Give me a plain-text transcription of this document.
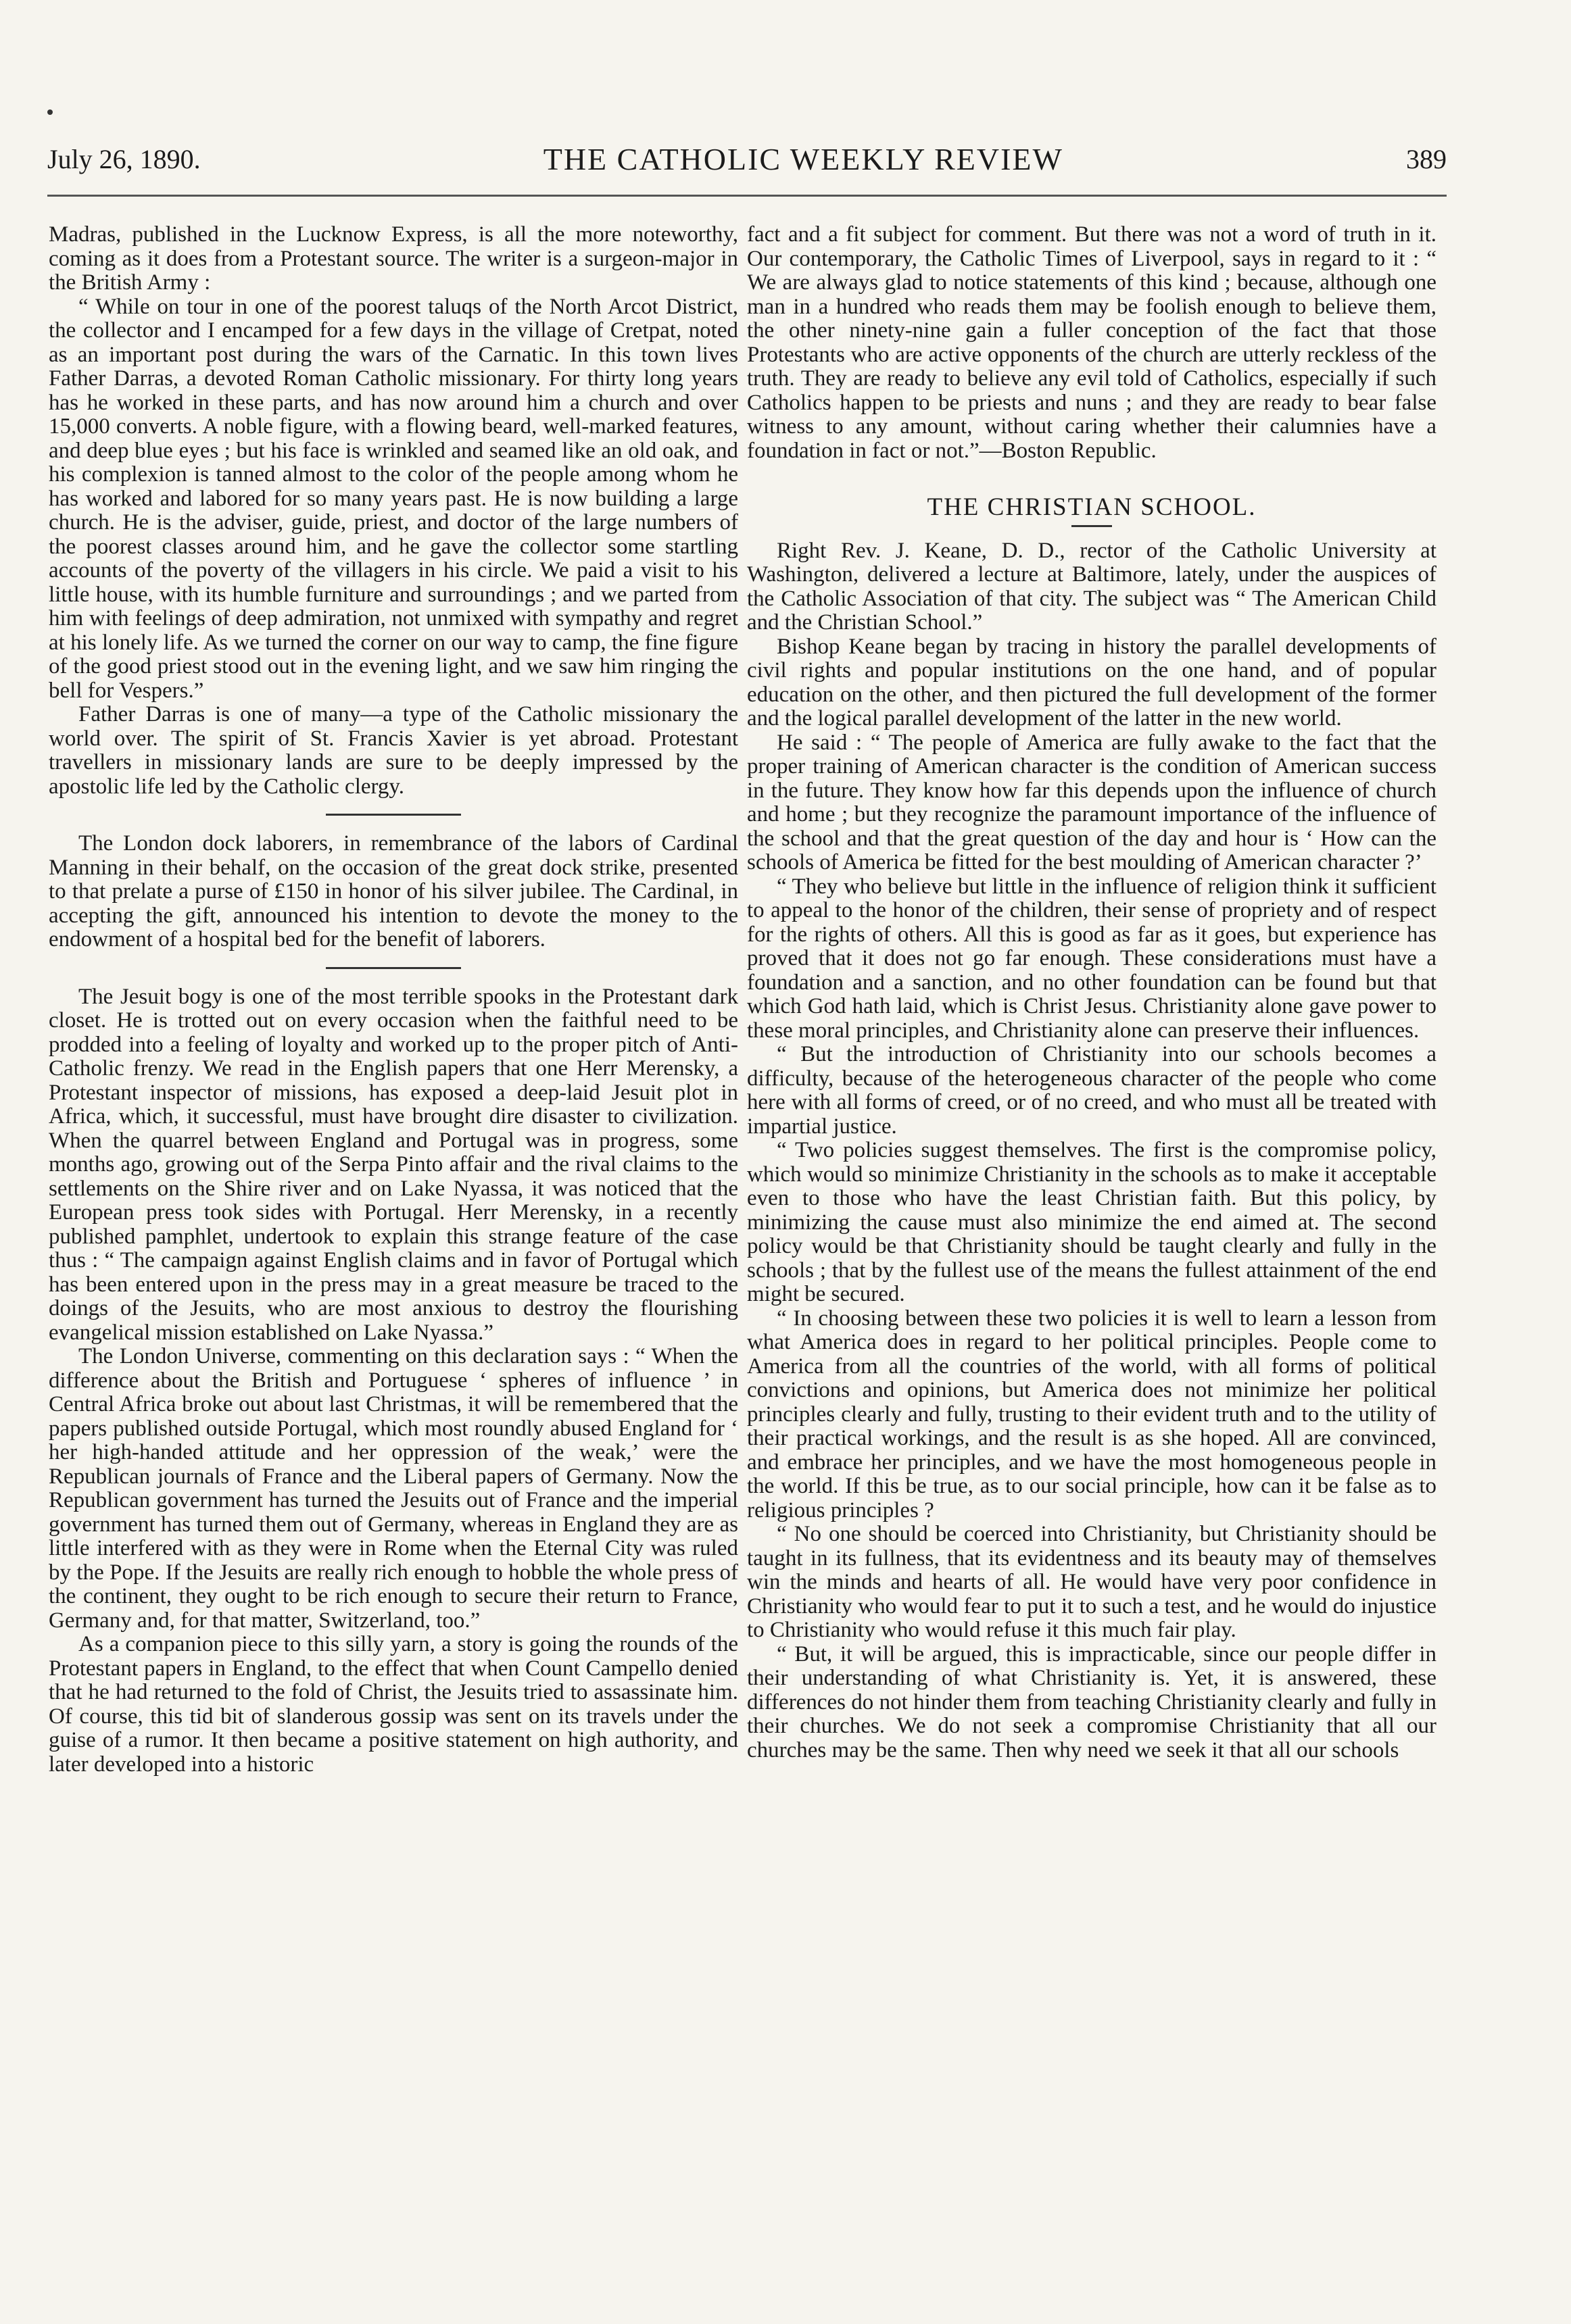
July 26, 1890.	THE CATHOLIC WEEKLY REVIEW	389

Madras, published in the Lucknow Express, is all the more noteworthy, coming as it does from a Protestant source. The writer is a surgeon-major in the British Army :

“ While on tour in one of the poorest taluqs of the North Arcot District, the collector and I encamped for a few days in the village of Cretpat, noted as an important post during the wars of the Carnatic. In this town lives Father Darras, a devoted Roman Catholic missionary. For thirty long years has he worked in these parts, and has now around him a church and over 15,000 converts. A noble figure, with a flowing beard, well-marked features, and deep blue eyes ; but his face is wrinkled and seamed like an old oak, and his complexion is tanned almost to the color of the people among whom he has worked and labored for so many years past. He is now building a large church. He is the adviser, guide, priest, and doctor of the large numbers of the poorest classes around him, and he gave the collector some startling accounts of the poverty of the villagers in his circle. We paid a visit to his little house, with its humble furniture and surroundings ; and we parted from him with feelings of deep admiration, not unmixed with sympathy and regret at his lonely life. As we turned the corner on our way to camp, the fine figure of the good priest stood out in the evening light, and we saw him ringing the bell for Vespers.”

Father Darras is one of many—a type of the Catholic missionary the world over. The spirit of St. Francis Xavier is yet abroad. Protestant travellers in missionary lands are sure to be deeply impressed by the apostolic life led by the Catholic clergy.

The London dock laborers, in remembrance of the labors of Cardinal Manning in their behalf, on the occasion of the great dock strike, presented to that prelate a purse of £150 in honor of his silver jubilee. The Cardinal, in accepting the gift, announced his intention to devote the money to the endowment of a hospital bed for the benefit of laborers.

The Jesuit bogy is one of the most terrible spooks in the Protestant dark closet. He is trotted out on every occasion when the faithful need to be prodded into a feeling of loyalty and worked up to the proper pitch of Anti-Catholic frenzy. We read in the English papers that one Herr Merensky, a Protestant inspector of missions, has exposed a deep-laid Jesuit plot in Africa, which, it successful, must have brought dire disaster to civilization. When the quarrel between England and Portugal was in progress, some months ago, growing out of the Serpa Pinto affair and the rival claims to the settlements on the Shire river and on Lake Nyassa, it was noticed that the European press took sides with Portugal. Herr Merensky, in a recently published pamphlet, undertook to explain this strange feature of the case thus : “ The campaign against English claims and in favor of Portugal which has been entered upon in the press may in a great measure be traced to the doings of the Jesuits, who are most anxious to destroy the flourishing evangelical mission established on Lake Nyassa.”

The London Universe, commenting on this declaration says : “ When the difference about the British and Portuguese ‘ spheres of influence ’ in Central Africa broke out about last Christmas, it will be remembered that the papers published outside Portugal, which most roundly abused England for ‘ her high-handed attitude and her oppression of the weak,’ were the Republican journals of France and the Liberal papers of Germany. Now the Republican government has turned the Jesuits out of France and the imperial government has turned them out of Germany, whereas in England they are as little interfered with as they were in Rome when the Eternal City was ruled by the Pope. If the Jesuits are really rich enough to hobble the whole press of the continent, they ought to be rich enough to secure their return to France, Germany and, for that matter, Switzerland, too.”

As a companion piece to this silly yarn, a story is going the rounds of the Protestant papers in England, to the effect that when Count Campello denied that he had returned to the fold of Christ, the Jesuits tried to assassinate him. Of course, this tid bit of slanderous gossip was sent on its travels under the guise of a rumor. It then became a positive statement on high authority, and later developed into a historic

fact and a fit subject for comment. But there was not a word of truth in it. Our contemporary, the Catholic Times of Liverpool, says in regard to it : “ We are always glad to notice statements of this kind ; because, although one man in a hundred who reads them may be foolish enough to believe them, the other ninety-nine gain a fuller conception of the fact that those Protestants who are active opponents of the church are utterly reckless of the truth. They are ready to believe any evil told of Catholics, especially if such Catholics happen to be priests and nuns ; and they are ready to bear false witness to any amount, without caring whether their calumnies have a foundation in fact or not.”—Boston Republic.

THE CHRISTIAN SCHOOL.

Right Rev. J. Keane, D. D., rector of the Catholic University at Washington, delivered a lecture at Baltimore, lately, under the auspices of the Catholic Association of that city. The subject was “ The American Child and the Christian School.”

Bishop Keane began by tracing in history the parallel developments of civil rights and popular institutions on the one hand, and of popular education on the other, and then pictured the full development of the former and the logical parallel development of the latter in the new world.

He said : “ The people of America are fully awake to the fact that the proper training of American character is the condition of American success in the future. They know how far this depends upon the influence of church and home ; but they recognize the paramount importance of the influence of the school and that the great question of the day and hour is ‘ How can the schools of America be fitted for the best moulding of American character ?’

“ They who believe but little in the influence of religion think it sufficient to appeal to the honor of the children, their sense of propriety and of respect for the rights of others. All this is good as far as it goes, but experience has proved that it does not go far enough. These considerations must have a foundation and a sanction, and no other foundation can be found but that which God hath laid, which is Christ Jesus. Christianity alone gave power to these moral principles, and Christianity alone can preserve their influences.

“ But the introduction of Christianity into our schools becomes a difficulty, because of the heterogeneous character of the people who come here with all forms of creed, or of no creed, and who must all be treated with impartial justice.

“ Two policies suggest themselves. The first is the compromise policy, which would so minimize Christianity in the schools as to make it acceptable even to those who have the least Christian faith. But this policy, by minimizing the cause must also minimize the end aimed at. The second policy would be that Christianity should be taught clearly and fully in the schools ; that by the fullest use of the means the fullest attainment of the end might be secured.

“ In choosing between these two policies it is well to learn a lesson from what America does in regard to her political principles. People come to America from all the countries of the world, with all forms of political convictions and opinions, but America does not minimize her political principles clearly and fully, trusting to their evident truth and to the utility of their practical workings, and the result is as she hoped. All are convinced, and embrace her principles, and we have the most homogeneous people in the world. If this be true, as to our social principle, how can it be false as to religious principles ?

“ No one should be coerced into Christianity, but Christianity should be taught in its fullness, that its evidentness and its beauty may of themselves win the minds and hearts of all. He would have very poor confidence in Christianity who would fear to put it to such a test, and he would do injustice to Christianity who would refuse it this much fair play.

“ But, it will be argued, this is impracticable, since our people differ in their understanding of what Christianity is. Yet, it is answered, these differences do not hinder them from teaching Christianity clearly and fully in their churches. We do not seek a compromise Christianity that all our churches may be the same. Then why need we seek it that all our schools
